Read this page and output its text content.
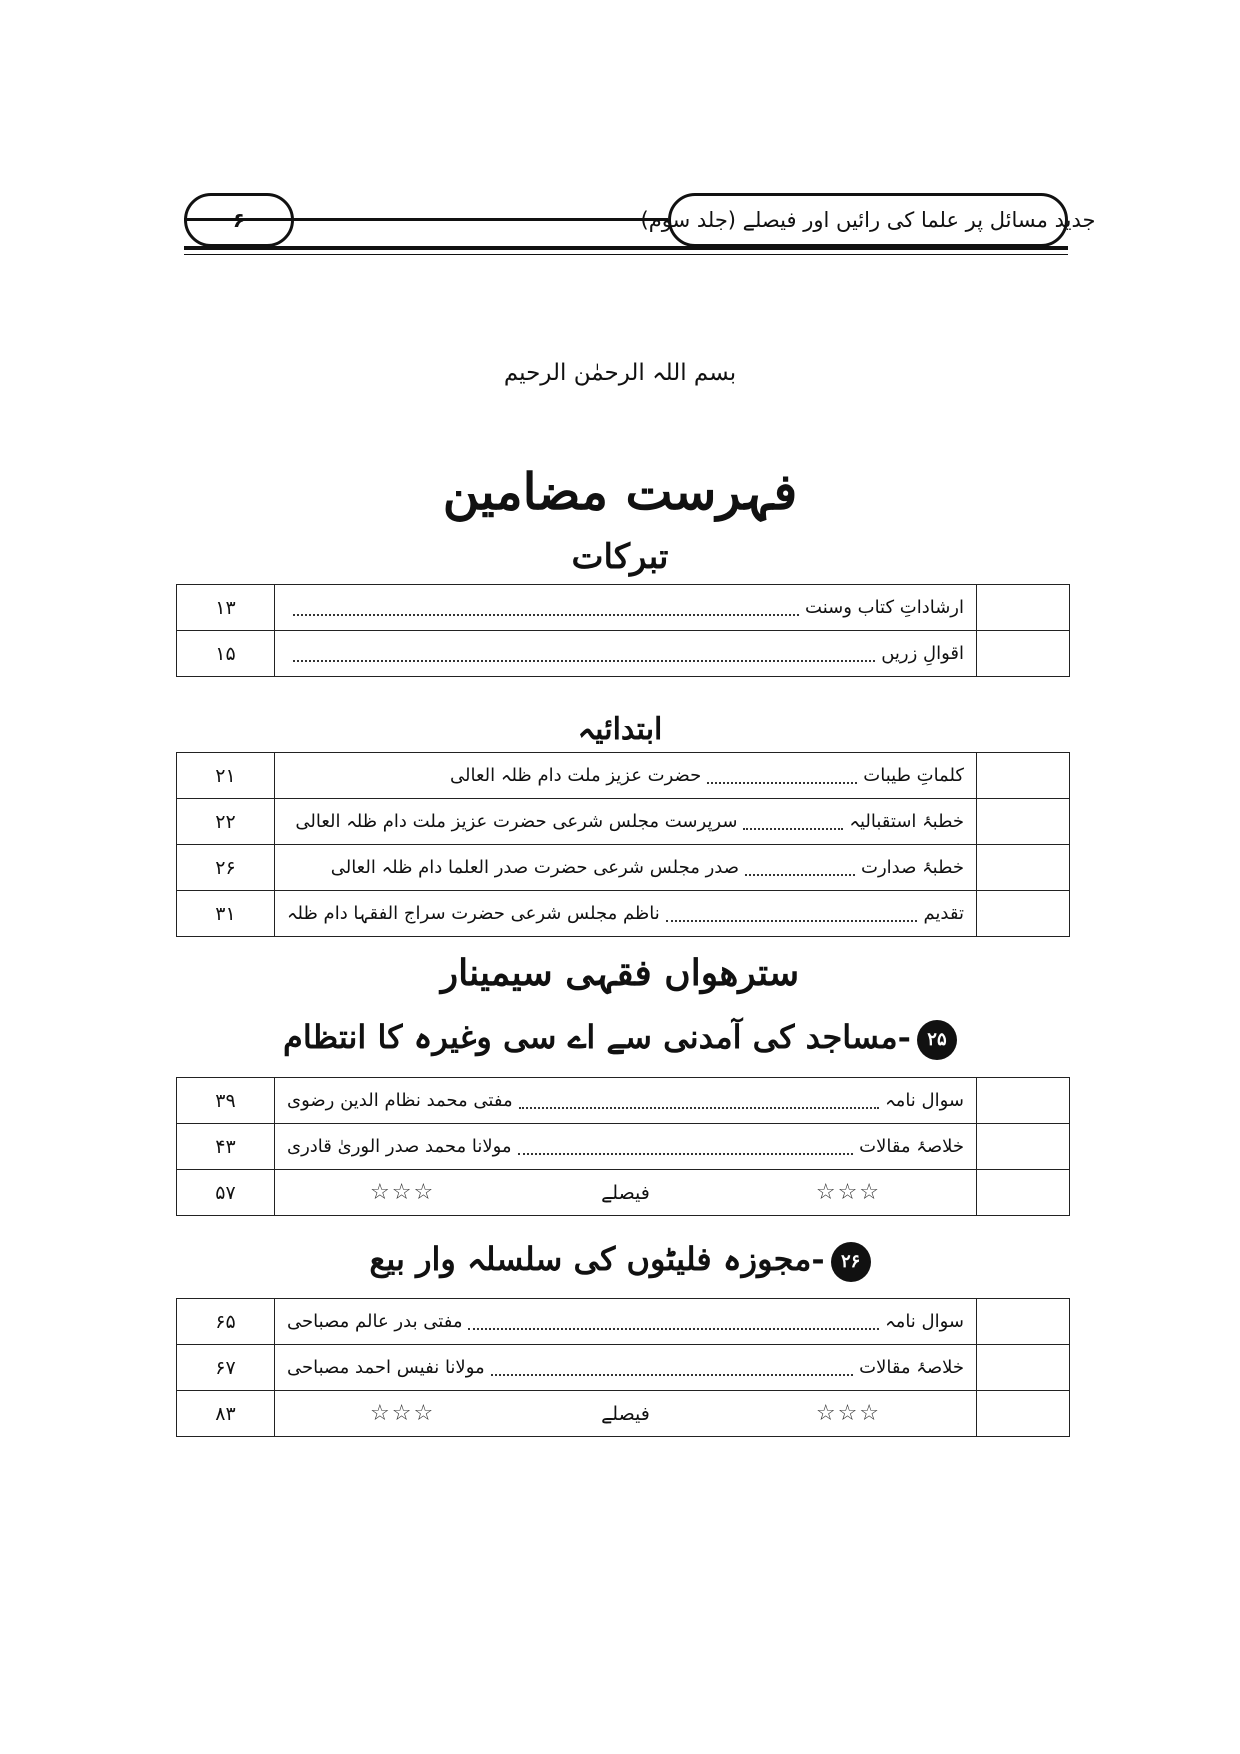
جدید مسائل پر علما کی رائیں اور فیصلے (جلد سوم)
۶
بسم اللہ الرحمٰن الرحیم
فہرست مضامین
تبرکات

	ارشاداتِ کتاب وسنت	۱۳

	اقوالِ زریں	۱۵
ابتدائیہ

	کلماتِ طیبات
حضرت عزیز ملت دام ظلہ العالی	۲۱

	خطبۂ استقبالیہ
سرپرست مجلس شرعی حضرت عزیز ملت دام ظلہ العالی	۲۲

	خطبۂ صدارت
صدر مجلس شرعی حضرت صدر العلما دام ظلہ العالی	۲۶

	تقدیم
ناظم مجلس شرعی حضرت سراج الفقہا دام ظلہ	۳۱
سترھواں فقہی سیمینار
۲۵-مساجد کی آمدنی سے اے سی وغیرہ کا انتظام

	سوال نامہ
مفتی محمد نظام الدین رضوی	۳۹

	خلاصۂ مقالات
مولانا محمد صدر الوریٰ قادری	۴۳

	☆☆☆
فیصلے
☆☆☆	۵۷
۲۶-مجوزہ فلیٹوں کی سلسلہ وار بیع

	سوال نامہ
مفتی بدر عالم مصباحی	۶۵

	خلاصۂ مقالات
مولانا نفیس احمد مصباحی	۶۷

	☆☆☆
فیصلے
☆☆☆	۸۳
